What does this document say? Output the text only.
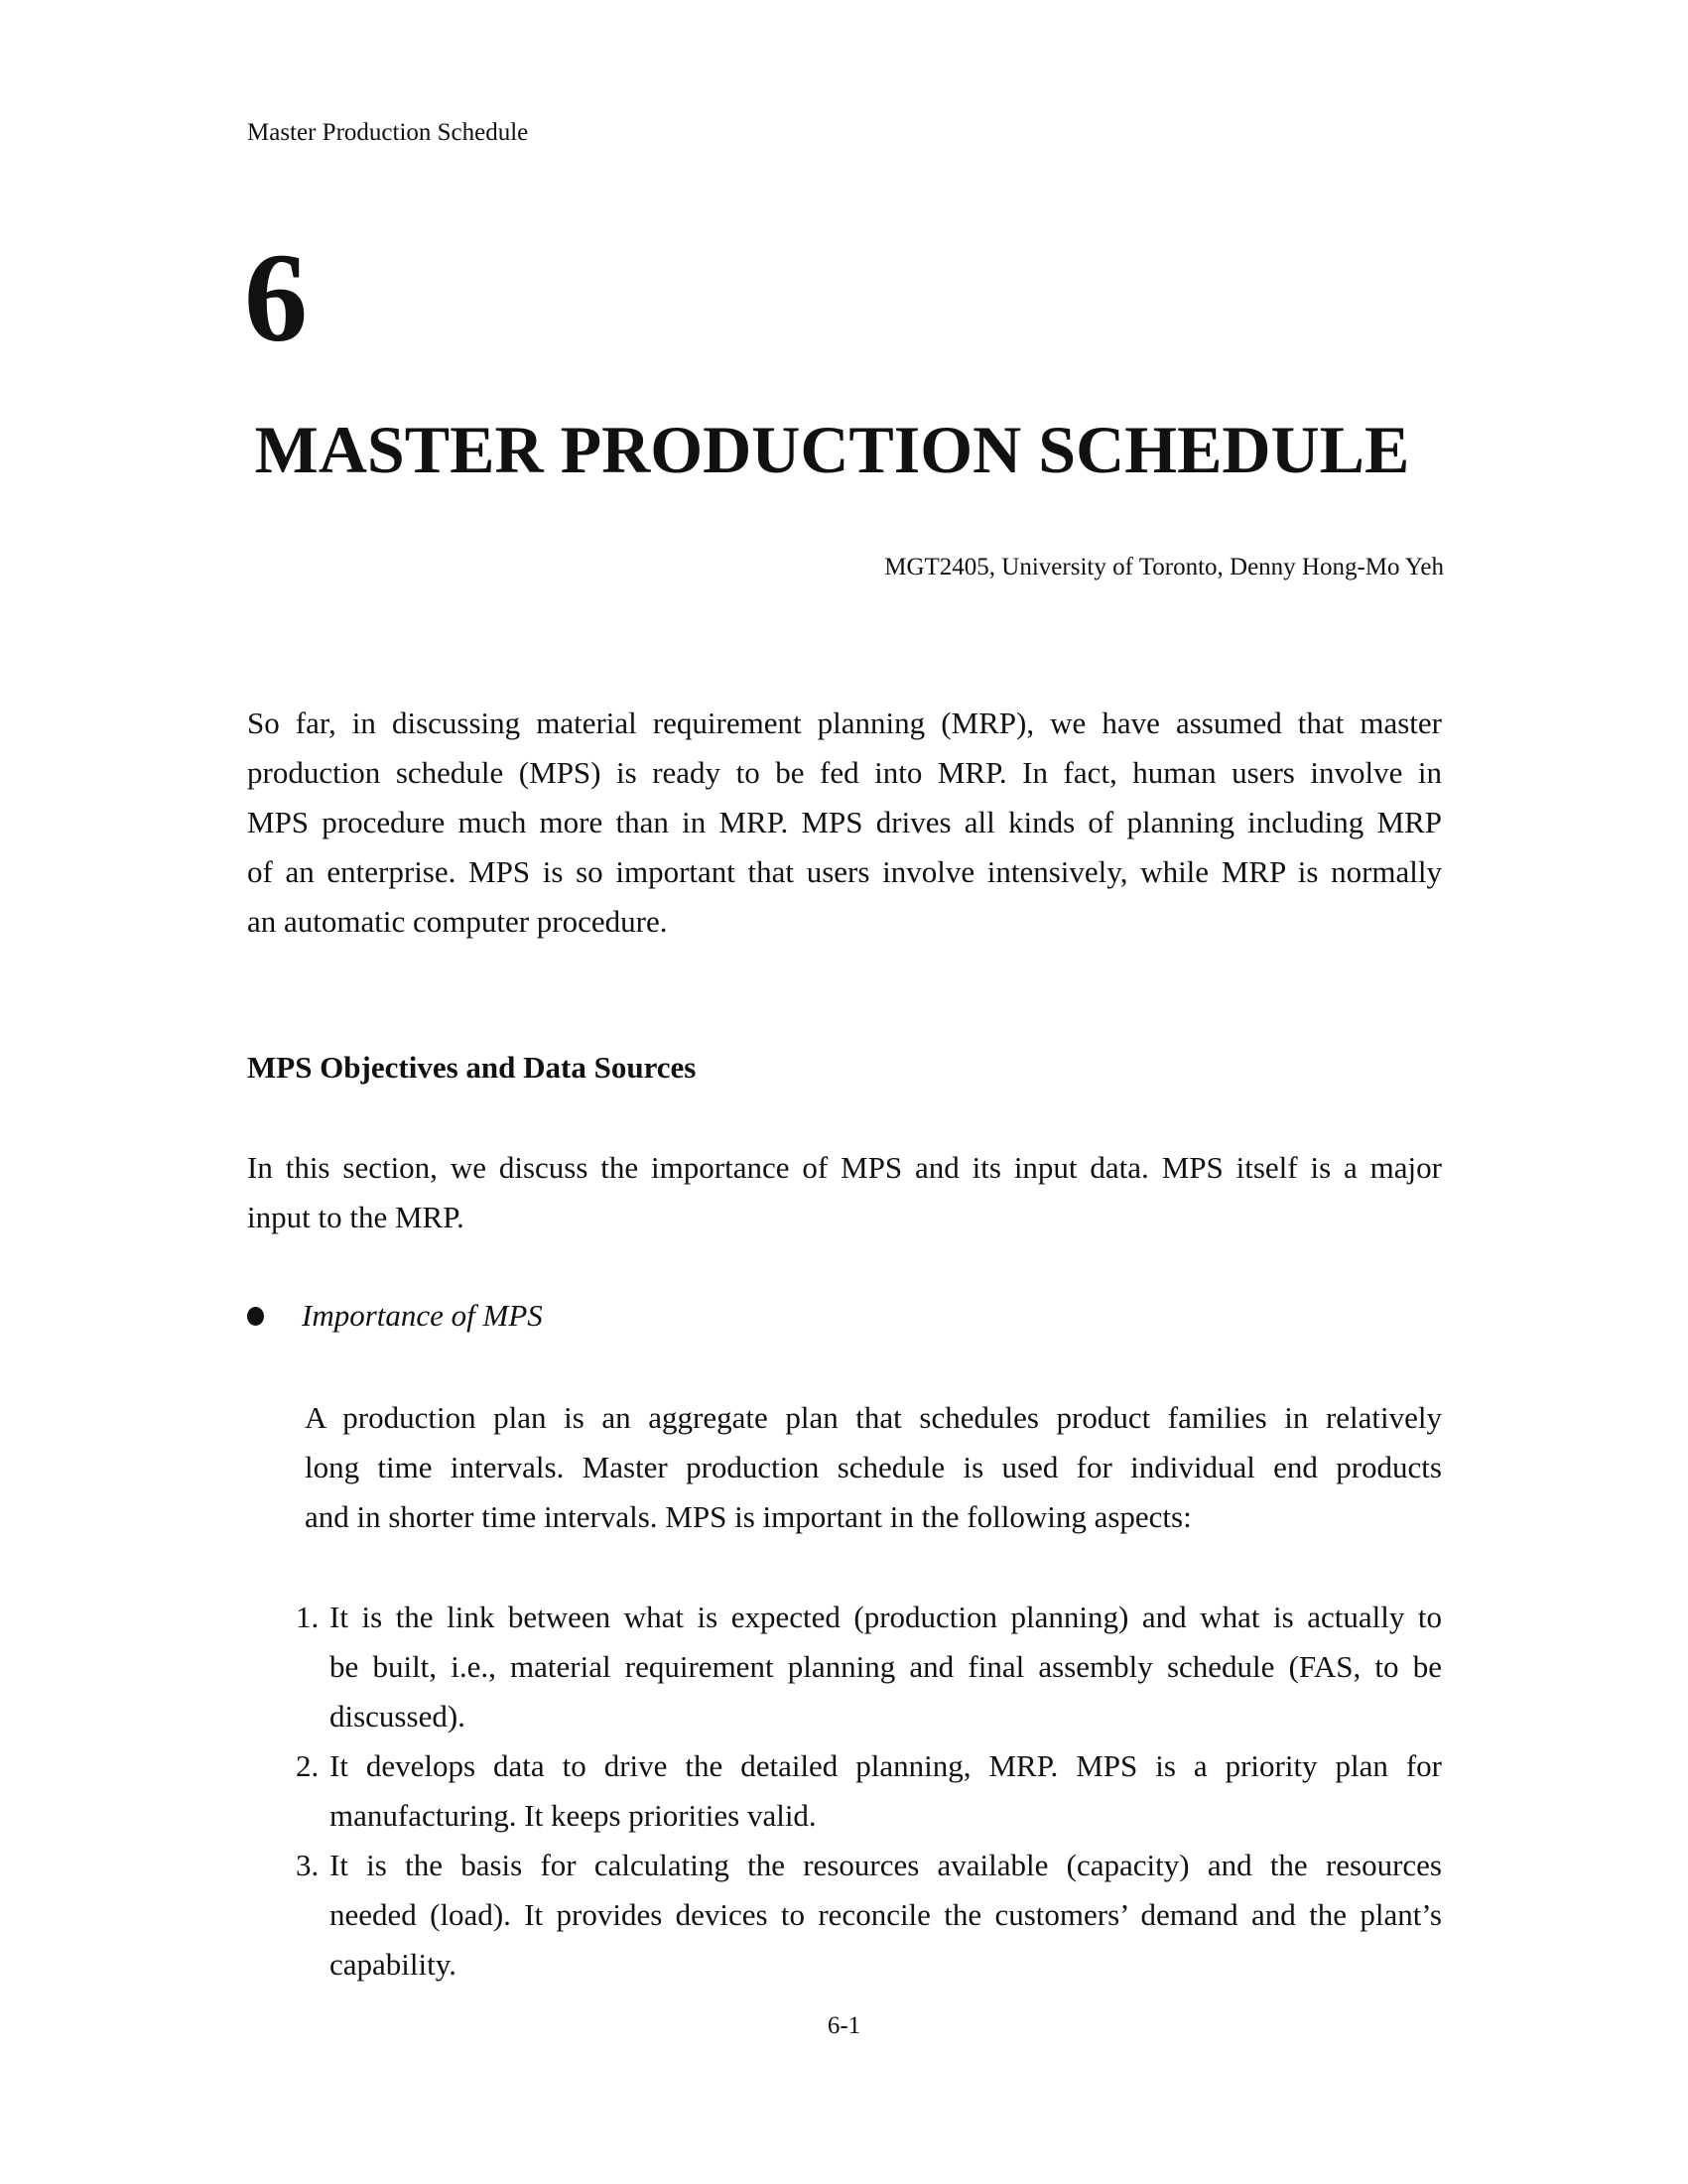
Master Production Schedule
6
MASTER PRODUCTION SCHEDULE
MGT2405, University of Toronto, Denny Hong-Mo Yeh
So far, in discussing material requirement planning (MRP), we have assumed that master
production schedule (MPS) is ready to be fed into MRP. In fact, human users involve in
MPS procedure much more than in MRP. MPS drives all kinds of planning including MRP
of an enterprise. MPS is so important that users involve intensively, while MRP is normally
an automatic computer procedure.
MPS Objectives and Data Sources
In this section, we discuss the importance of MPS and its input data. MPS itself is a major
input to the MRP.
Importance of MPS
A production plan is an aggregate plan that schedules product families in relatively
long time intervals. Master production schedule is used for individual end products
and in shorter time intervals. MPS is important in the following aspects:
1. It is the link between what is expected (production planning) and what is actually to
be built, i.e., material requirement planning and final assembly schedule (FAS, to be
discussed).
2. It develops data to drive the detailed planning, MRP. MPS is a priority plan for
manufacturing. It keeps priorities valid.
3. It is the basis for calculating the resources available (capacity) and the resources
needed (load). It provides devices to reconcile the customers’ demand and the plant’s
capability.
6-1
